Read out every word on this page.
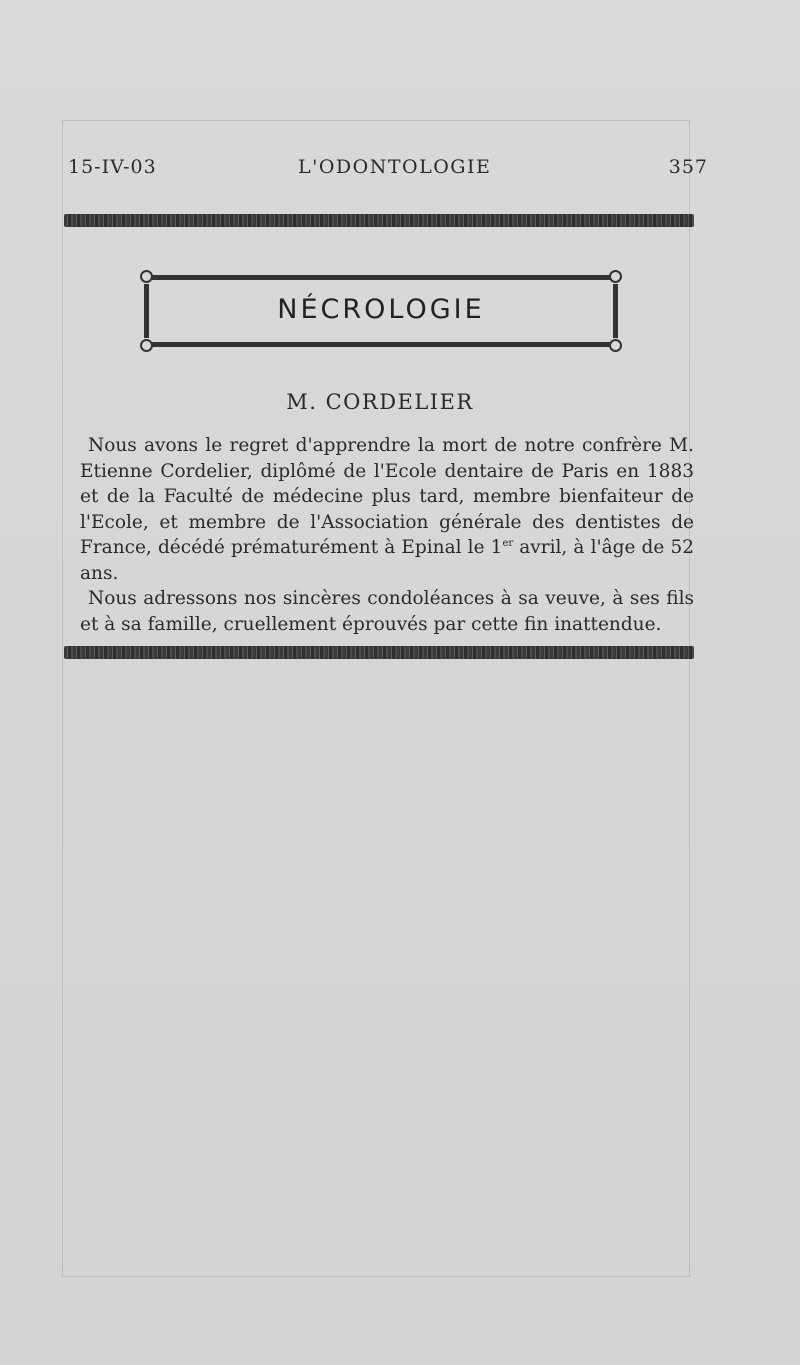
15-IV-03	L'ODONTOLOGIE	357
NÉCROLOGIE
M. CORDELIER

Nous avons le regret d'apprendre la mort de notre confrère M. Etienne Cordelier, diplômé de l'Ecole dentaire de Paris en 1883 et de la Faculté de médecine plus tard, membre bienfaiteur de l'Ecole, et membre de l'Association générale des dentistes de France, décédé prématurément à Epinal le 1er avril, à l'âge de 52 ans.

Nous adressons nos sincères condoléances à sa veuve, à ses fils et à sa famille, cruellement éprouvés par cette fin inattendue.
